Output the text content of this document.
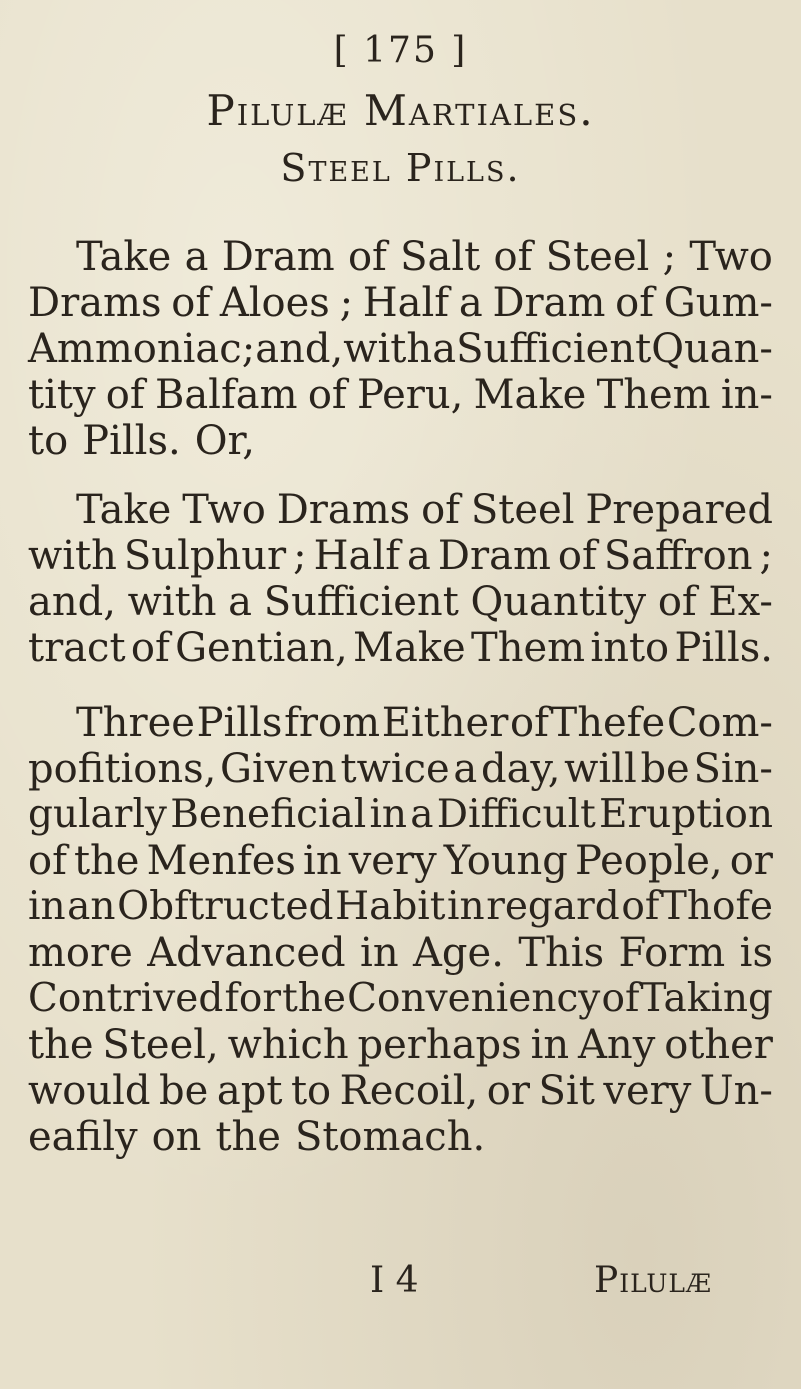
[ 175 ]
Pilulæ Martiales.
Steel Pills.
Take a Dram of Salt of Steel ; Two
Drams of Aloes ; Half a Dram of Gum-
Ammoniac ; and, with a Sufficient Quan-
tity of Balfam of Peru, Make Them in-
to Pills. Or,
Take Two Drams of Steel Prepared
with Sulphur ; Half a Dram of Saffron ;
and, with a Sufficient Quantity of Ex-
tract of Gentian, Make Them into Pills.
Three Pills from Either of Thefe Com-
pofitions, Given twice a day, will be Sin-
gularly Beneficial in a Difficult Eruption
of the Menfes in very Young People, or
in an Obftructed Habit in regard of Thofe
more Advanced in Age. This Form is
Contrived for the Conveniency of Taking
the Steel, which perhaps in Any other
would be apt to Recoil, or Sit very Un-
eafily on the Stomach.
I 4	Pilulæ
